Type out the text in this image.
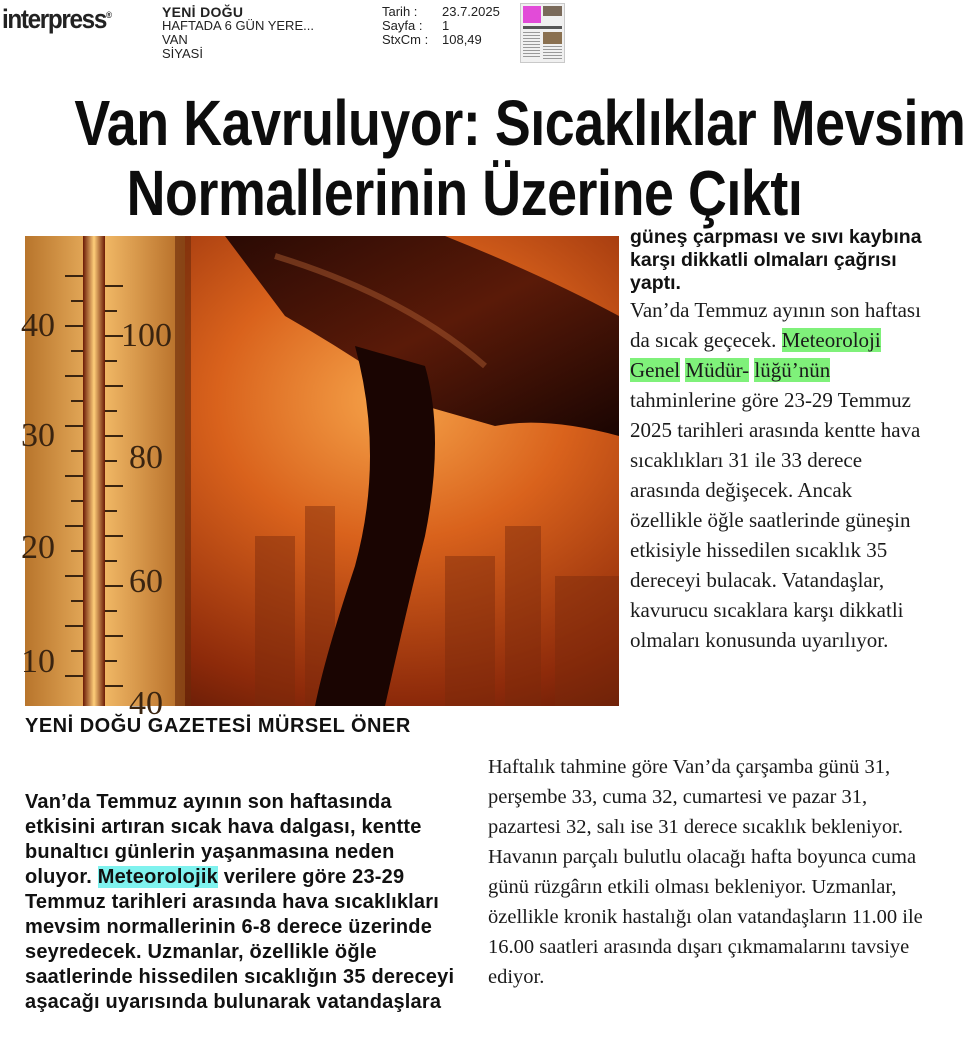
interpress®	YENİ DOĞU
HAFTADA 6 GÜN YERE...
VAN
SİYASİ
Tarih :	23.7.2025
Sayfa :	1
StxCm :	108,49
Van Kavruluyor: Sıcaklıklar Mevsim
Normallerinin Üzerine Çıktı
40
30
20
10
100
80
60
40

güneş çarpması ve sıvı kaybına karşı dikkatli olmaları çağrısı yaptı.

Van’da Temmuz ayının son haftası da sıcak geçecek. Meteoroloji Genel Müdür- lüğü’nün tahminlerine göre 23-29 Temmuz 2025 tarihleri arasında kentte hava sıcaklıkları 31 ile 33 derece arasında değişecek. Ancak özellikle öğle saatlerinde güneşin etkisiyle hissedilen sıcaklık 35 dereceyi bulacak. Vatandaşlar, kavurucu sıcaklara karşı dikkatli olmaları konusunda uyarılıyor.

YENİ DOĞU GAZETESİ MÜRSEL ÖNER
Van’da Temmuz ayının son haftasında etkisini artıran sıcak hava dalgası, kentte bunaltıcı günlerin yaşanmasına neden oluyor. Meteorolojik verilere göre 23-29 Temmuz tarihleri arasında hava sıcaklıkları mevsim normallerinin 6-8 derece üzerinde seyredecek. Uzmanlar, özellikle öğle saatlerinde hissedilen sıcaklığın 35 dereceyi aşacağı uyarısında bulunarak vatandaşlara
Haftalık tahmine göre Van’da çarşamba günü 31, perşembe 33, cuma 32, cumartesi ve pazar 31, pazartesi 32, salı ise 31 derece sıcaklık bekleniyor. Havanın parçalı bulutlu olacağı hafta boyunca cuma günü rüzgârın etkili olması bekleniyor. Uzmanlar, özellikle kronik hastalığı olan vatandaşların 11.00 ile 16.00 saatleri arasında dışarı çıkmamalarını tavsiye ediyor.
